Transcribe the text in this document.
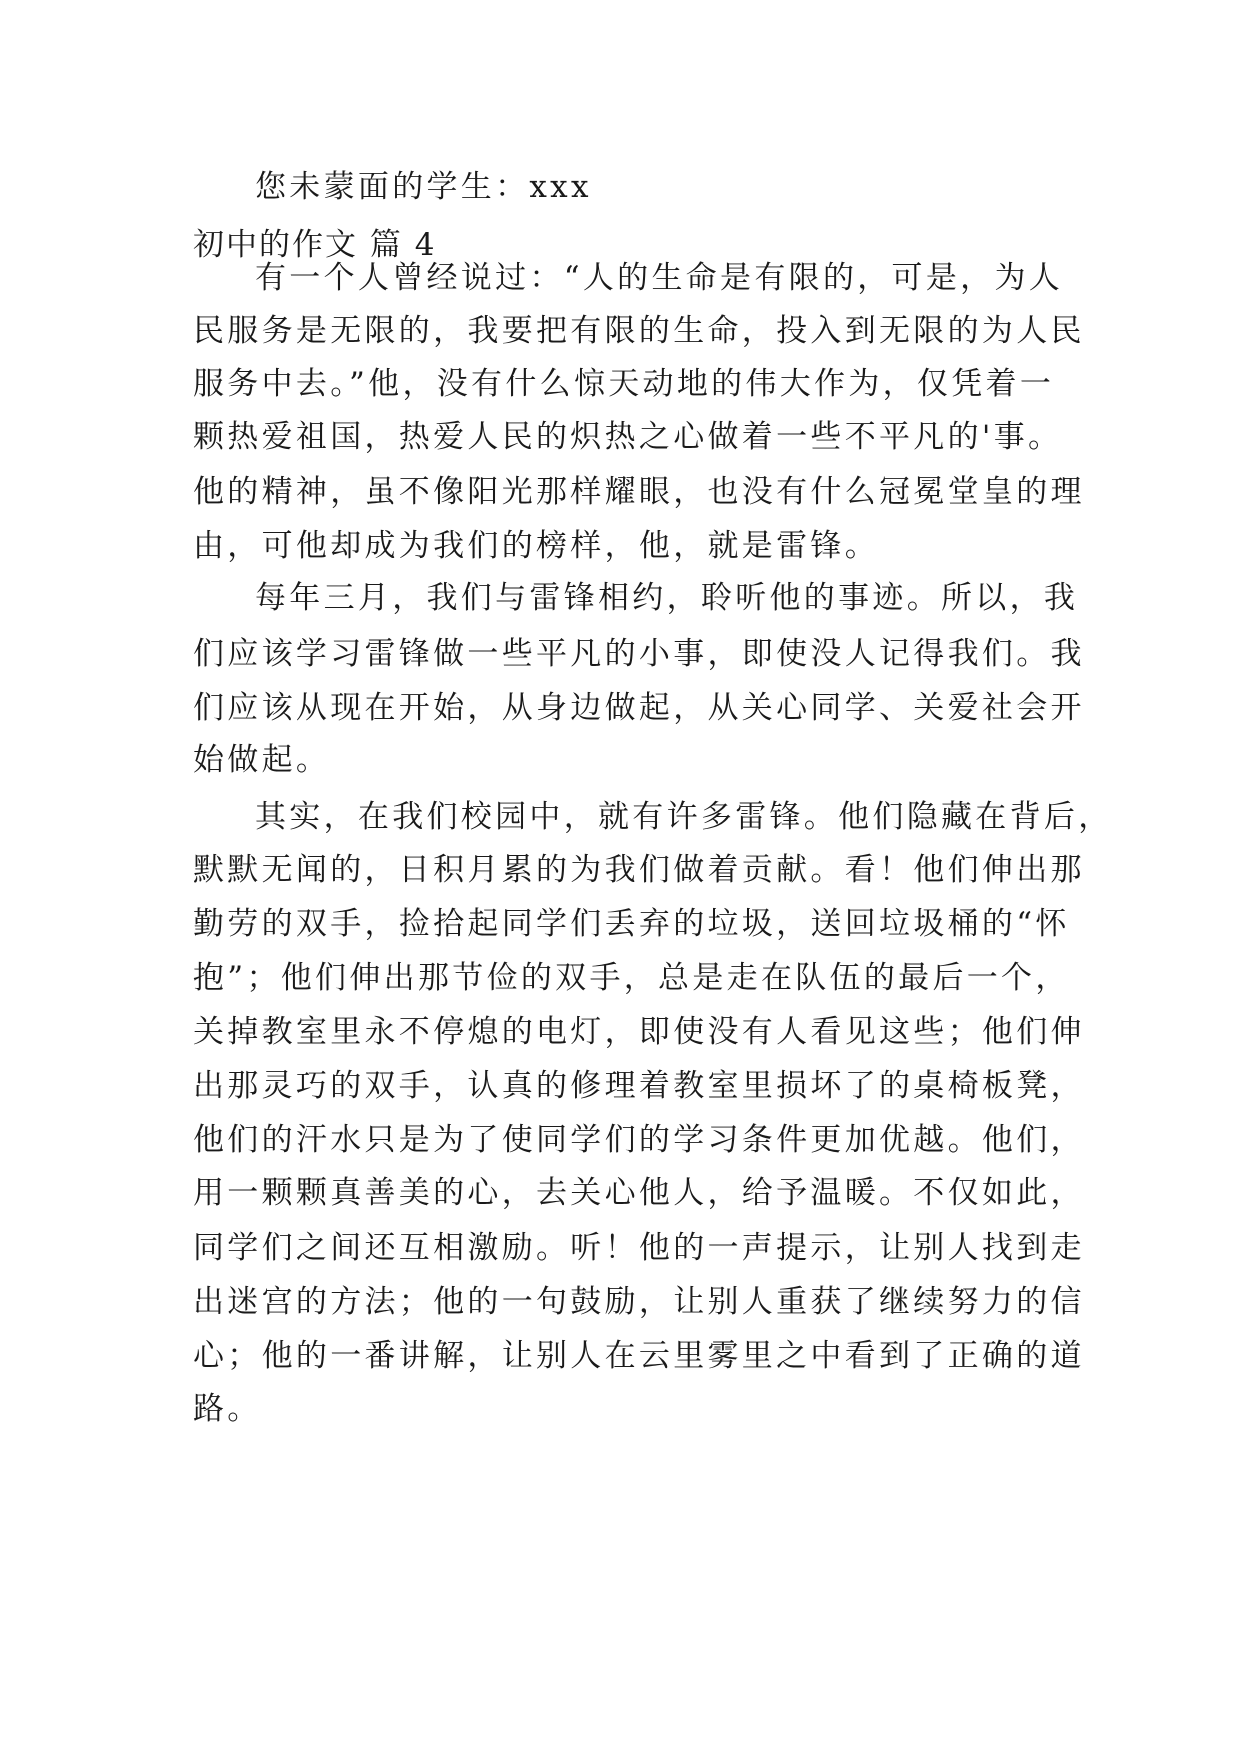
您未蒙面的学生：xxx
初中的作文 篇 4
有一个人曾经说过：“人的生命是有限的，可是，为人
民服务是无限的，我要把有限的生命，投入到无限的为人民
服务中去。”他，没有什么惊天动地的伟大作为，仅凭着一
颗热爱祖国，热爱人民的炽热之心做着一些不平凡的'事。
他的精神，虽不像阳光那样耀眼，也没有什么冠冕堂皇的理
由，可他却成为我们的榜样，他，就是雷锋。
每年三月，我们与雷锋相约，聆听他的事迹。所以，我
们应该学习雷锋做一些平凡的小事，即使没人记得我们。我
们应该从现在开始，从身边做起，从关心同学、关爱社会开
始做起。
其实，在我们校园中，就有许多雷锋。他们隐藏在背后，
默默无闻的，日积月累的为我们做着贡献。看！他们伸出那
勤劳的双手，捡拾起同学们丢弃的垃圾，送回垃圾桶的“怀
抱”；他们伸出那节俭的双手，总是走在队伍的最后一个，
关掉教室里永不停熄的电灯，即使没有人看见这些；他们伸
出那灵巧的双手，认真的修理着教室里损坏了的桌椅板凳，
他们的汗水只是为了使同学们的学习条件更加优越。他们，
用一颗颗真善美的心，去关心他人，给予温暖。不仅如此，
同学们之间还互相激励。听！他的一声提示，让别人找到走
出迷宫的方法；他的一句鼓励，让别人重获了继续努力的信
心；他的一番讲解，让别人在云里雾里之中看到了正确的道
路。
